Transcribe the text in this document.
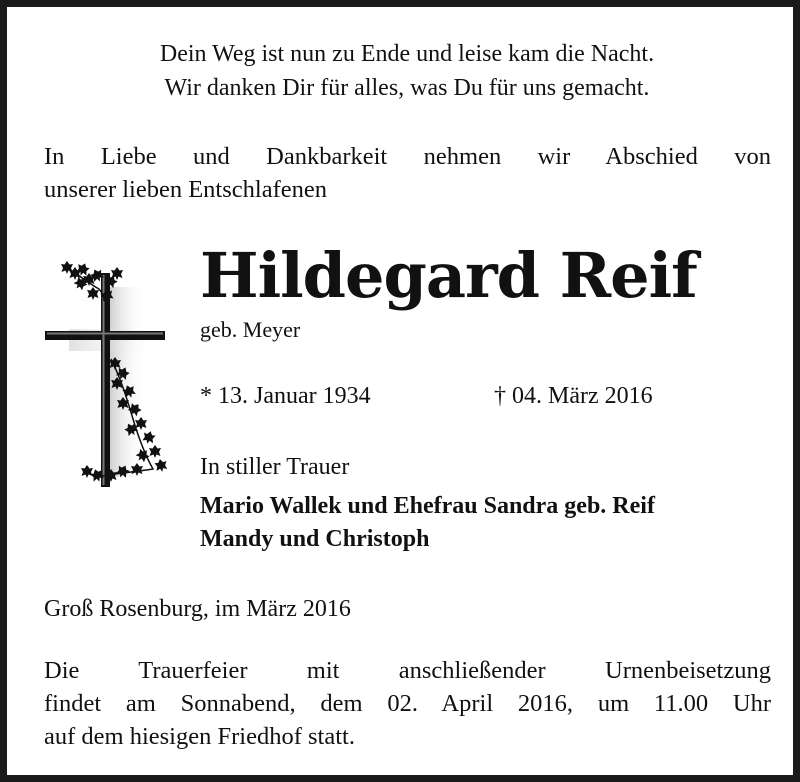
Dein Weg ist nun zu Ende und leise kam die Nacht.
Wir danken Dir für alles, was Du für uns gemacht.
In Liebe und Dankbarkeit nehmen wir Abschied von
unserer lieben Entschlafenen
Hildegard Reif
geb. Meyer
* 13. Januar 1934	† 04. März 2016
In stiller Trauer
Mario Wallek und Ehefrau Sandra geb. Reif
Mandy und Christoph
Groß Rosenburg, im März 2016
Die Trauerfeier mit anschließender Urnenbeisetzung
findet am Sonnabend, dem 02. April 2016, um 11.00 Uhr
auf dem hiesigen Friedhof statt.
